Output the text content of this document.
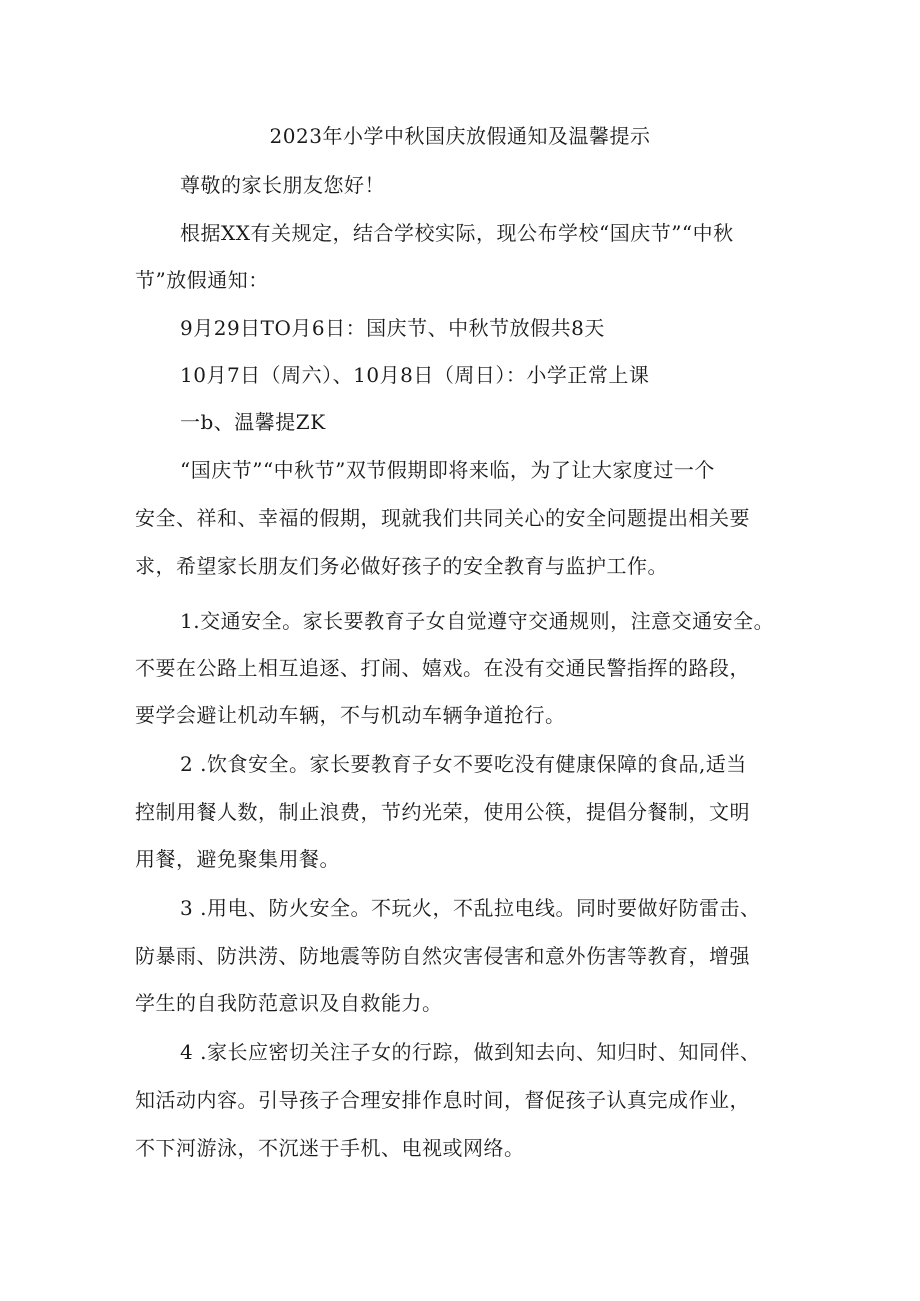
2023年小学中秋国庆放假通知及温馨提示
尊敬的家长朋友您好！
根据XX有关规定，结合学校实际，现公布学校“国庆节”“中秋
节”放假通知：
9月29日TO月6日：国庆节、中秋节放假共8天
10月7日（周六）、10月8日（周日）：小学正常上课
一b、温馨提ZK
“国庆节”“中秋节”双节假期即将来临，为了让大家度过一个
安全、祥和、幸福的假期，现就我们共同关心的安全问题提出相关要
求，希望家长朋友们务必做好孩子的安全教育与监护工作。
1.交通安全。家长要教育子女自觉遵守交通规则，注意交通安全。
不要在公路上相互追逐、打闹、嬉戏。在没有交通民警指挥的路段，
要学会避让机动车辆，不与机动车辆争道抢行。
2 .饮食安全。家长要教育子女不要吃没有健康保障的食品,适当
控制用餐人数，制止浪费，节约光荣，使用公筷，提倡分餐制，文明
用餐，避免聚集用餐。
3 .用电、防火安全。不玩火，不乱拉电线。同时要做好防雷击、
防暴雨、防洪涝、防地震等防自然灾害侵害和意外伤害等教育，增强
学生的自我防范意识及自救能力。
4 .家长应密切关注子女的行踪，做到知去向、知归时、知同伴、
知活动内容。引导孩子合理安排作息时间，督促孩子认真完成作业，
不下河游泳，不沉迷于手机、电视或网络。
